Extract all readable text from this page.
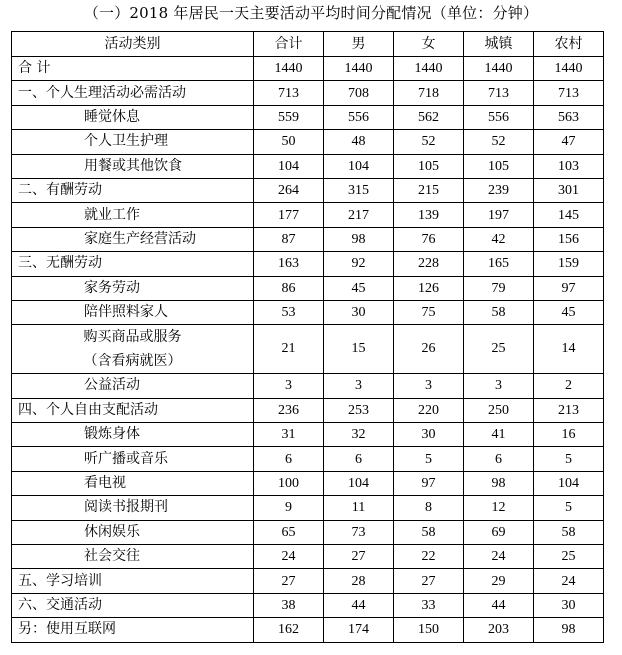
（一）2018 年居民一天主要活动平均时间分配情况（单位：分钟）
活动类别	合计	男	女	城镇	农村
合 计	1440	1440	1440	1440	1440
一、个人生理活动必需活动	713	708	718	713	713
睡觉休息	559	556	562	556	563
个人卫生护理	50	48	52	52	47
用餐或其他饮食	104	104	105	105	103
二、有酬劳动	264	315	215	239	301
就业工作	177	217	139	197	145
家庭生产经营活动	87	98	76	42	156
三、无酬劳动	163	92	228	165	159
家务劳动	86	45	126	79	97
陪伴照料家人	53	30	75	58	45

购买商品或服务
（含看病就医）	21	15	26	25	14
公益活动	3	3	3	3	2
四、个人自由支配活动	236	253	220	250	213
锻炼身体	31	32	30	41	16
听广播或音乐	6	6	5	6	5
看电视	100	104	97	98	104
阅读书报期刊	9	11	8	12	5
休闲娱乐	65	73	58	69	58
社会交往	24	27	22	24	25
五、学习培训	27	28	27	29	24
六、交通活动	38	44	33	44	30
另：使用互联网	162	174	150	203	98
